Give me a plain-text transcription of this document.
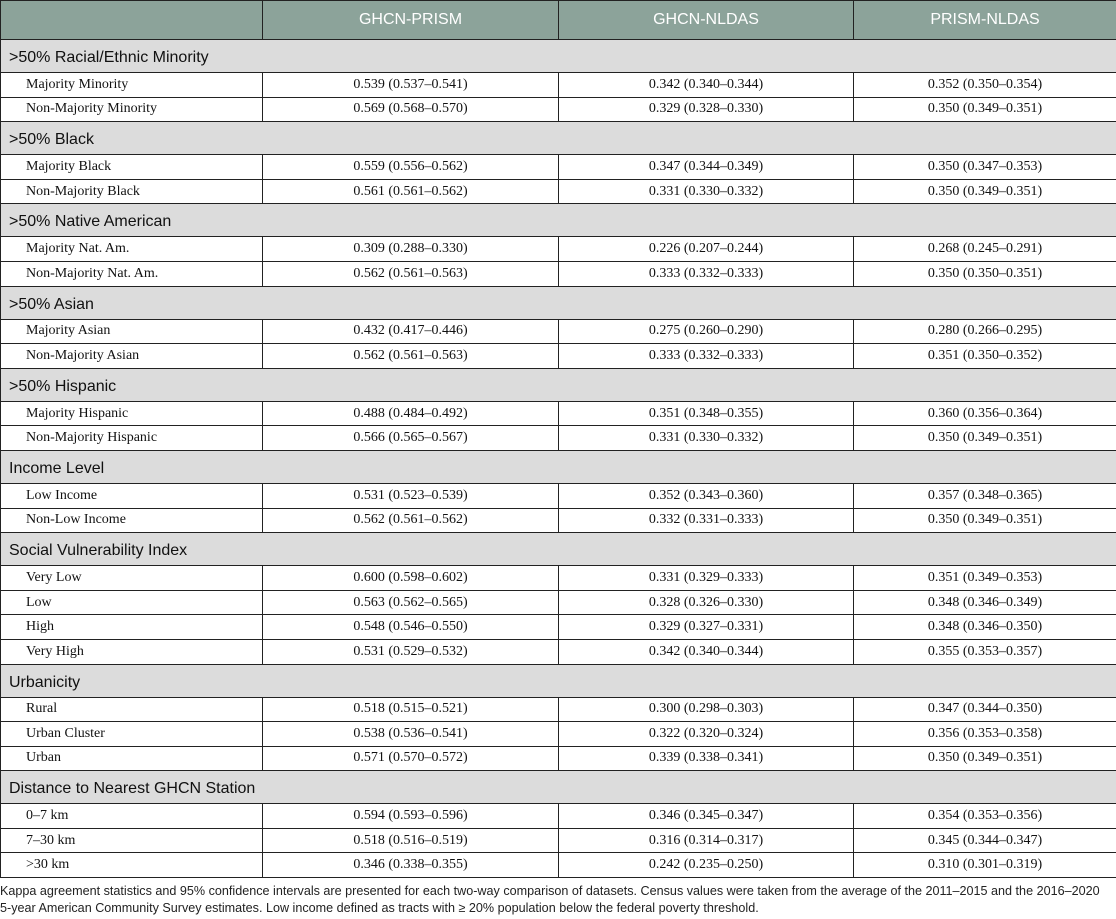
	GHCN-PRISM	GHCN-NLDAS	PRISM-NLDAS
>50% Racial/Ethnic Minority			
Majority Minority	0.539 (0.537–0.541)	0.342 (0.340–0.344)	0.352 (0.350–0.354)
Non-Majority Minority	0.569 (0.568–0.570)	0.329 (0.328–0.330)	0.350 (0.349–0.351)
>50% Black			
Majority Black	0.559 (0.556–0.562)	0.347 (0.344–0.349)	0.350 (0.347–0.353)
Non-Majority Black	0.561 (0.561–0.562)	0.331 (0.330–0.332)	0.350 (0.349–0.351)
>50% Native American			
Majority Nat. Am.	0.309 (0.288–0.330)	0.226 (0.207–0.244)	0.268 (0.245–0.291)
Non-Majority Nat. Am.	0.562 (0.561–0.563)	0.333 (0.332–0.333)	0.350 (0.350–0.351)
>50% Asian			
Majority Asian	0.432 (0.417–0.446)	0.275 (0.260–0.290)	0.280 (0.266–0.295)
Non-Majority Asian	0.562 (0.561–0.563)	0.333 (0.332–0.333)	0.351 (0.350–0.352)
>50% Hispanic			
Majority Hispanic	0.488 (0.484–0.492)	0.351 (0.348–0.355)	0.360 (0.356–0.364)
Non-Majority Hispanic	0.566 (0.565–0.567)	0.331 (0.330–0.332)	0.350 (0.349–0.351)
Income Level			
Low Income	0.531 (0.523–0.539)	0.352 (0.343–0.360)	0.357 (0.348–0.365)
Non-Low Income	0.562 (0.561–0.562)	0.332 (0.331–0.333)	0.350 (0.349–0.351)
Social Vulnerability Index			
Very Low	0.600 (0.598–0.602)	0.331 (0.329–0.333)	0.351 (0.349–0.353)
Low	0.563 (0.562–0.565)	0.328 (0.326–0.330)	0.348 (0.346–0.349)
High	0.548 (0.546–0.550)	0.329 (0.327–0.331)	0.348 (0.346–0.350)
Very High	0.531 (0.529–0.532)	0.342 (0.340–0.344)	0.355 (0.353–0.357)
Urbanicity			
Rural	0.518 (0.515–0.521)	0.300 (0.298–0.303)	0.347 (0.344–0.350)
Urban Cluster	0.538 (0.536–0.541)	0.322 (0.320–0.324)	0.356 (0.353–0.358)
Urban	0.571 (0.570–0.572)	0.339 (0.338–0.341)	0.350 (0.349–0.351)
Distance to Nearest GHCN Station			
0–7 km	0.594 (0.593–0.596)	0.346 (0.345–0.347)	0.354 (0.353–0.356)
7–30 km	0.518 (0.516–0.519)	0.316 (0.314–0.317)	0.345 (0.344–0.347)
>30 km	0.346 (0.338–0.355)	0.242 (0.235–0.250)	0.310 (0.301–0.319)
Kappa agreement statistics and 95% confidence intervals are presented for each two-way comparison of datasets. Census values were taken from the average of the 2011–2015 and the 2016–2020 5-year American Community Survey estimates. Low income defined as tracts with ≥ 20% population below the federal poverty threshold.
